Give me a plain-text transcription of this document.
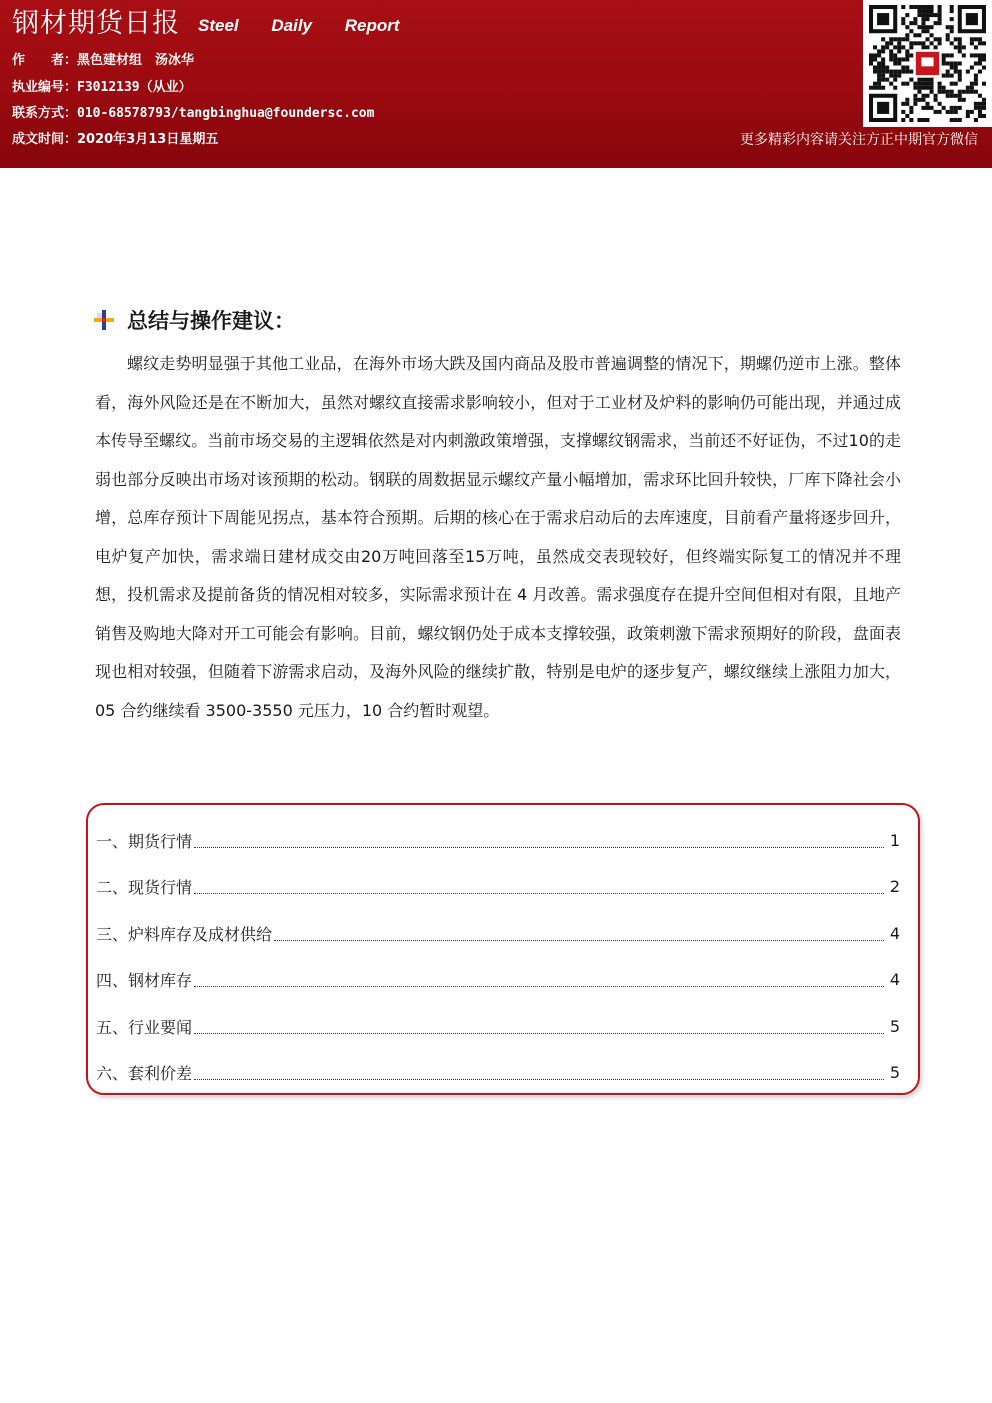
钢材期货日报 Steel Daily Report
作　　者：黑色建材组　汤冰华
执业编号：F3012139（从业）
联系方式：010-68578793/tangbinghua@foundersc.com
成文时间：2020年3月13日星期五	更多精彩内容请关注方正中期官方微信
总结与操作建议：
螺纹走势明显强于其他工业品，在海外市场大跌及国内商品及股市普遍调整的情况下，期螺仍逆市上涨。整体看，海外风险还是在不断加大，虽然对螺纹直接需求影响较小，但对于工业材及炉料的影响仍可能出现，并通过成本传导至螺纹。当前市场交易的主逻辑依然是对内刺激政策增强，支撑螺纹钢需求，当前还不好证伪，不过10的走弱也部分反映出市场对该预期的松动。钢联的周数据显示螺纹产量小幅增加，需求环比回升较快，厂库下降社会小增，总库存预计下周能见拐点，基本符合预期。后期的核心在于需求启动后的去库速度，目前看产量将逐步回升，电炉复产加快，需求端日建材成交由20万吨回落至15万吨，虽然成交表现较好，但终端实际复工的情况并不理想，投机需求及提前备货的情况相对较多，实际需求预计在 4 月改善。需求强度存在提升空间但相对有限，且地产销售及购地大降对开工可能会有影响。目前，螺纹钢仍处于成本支撑较强，政策刺激下需求预期好的阶段，盘面表现也相对较强，但随着下游需求启动，及海外风险的继续扩散，特别是电炉的逐步复产，螺纹继续上涨阻力加大，05 合约继续看 3500-3550 元压力，10 合约暂时观望。
一、 期货行情	1
二、 现货行情	2
三、 炉料库存及成材供给	4
四、 钢材库存	4
五、 行业要闻	5
六、 套利价差	5
